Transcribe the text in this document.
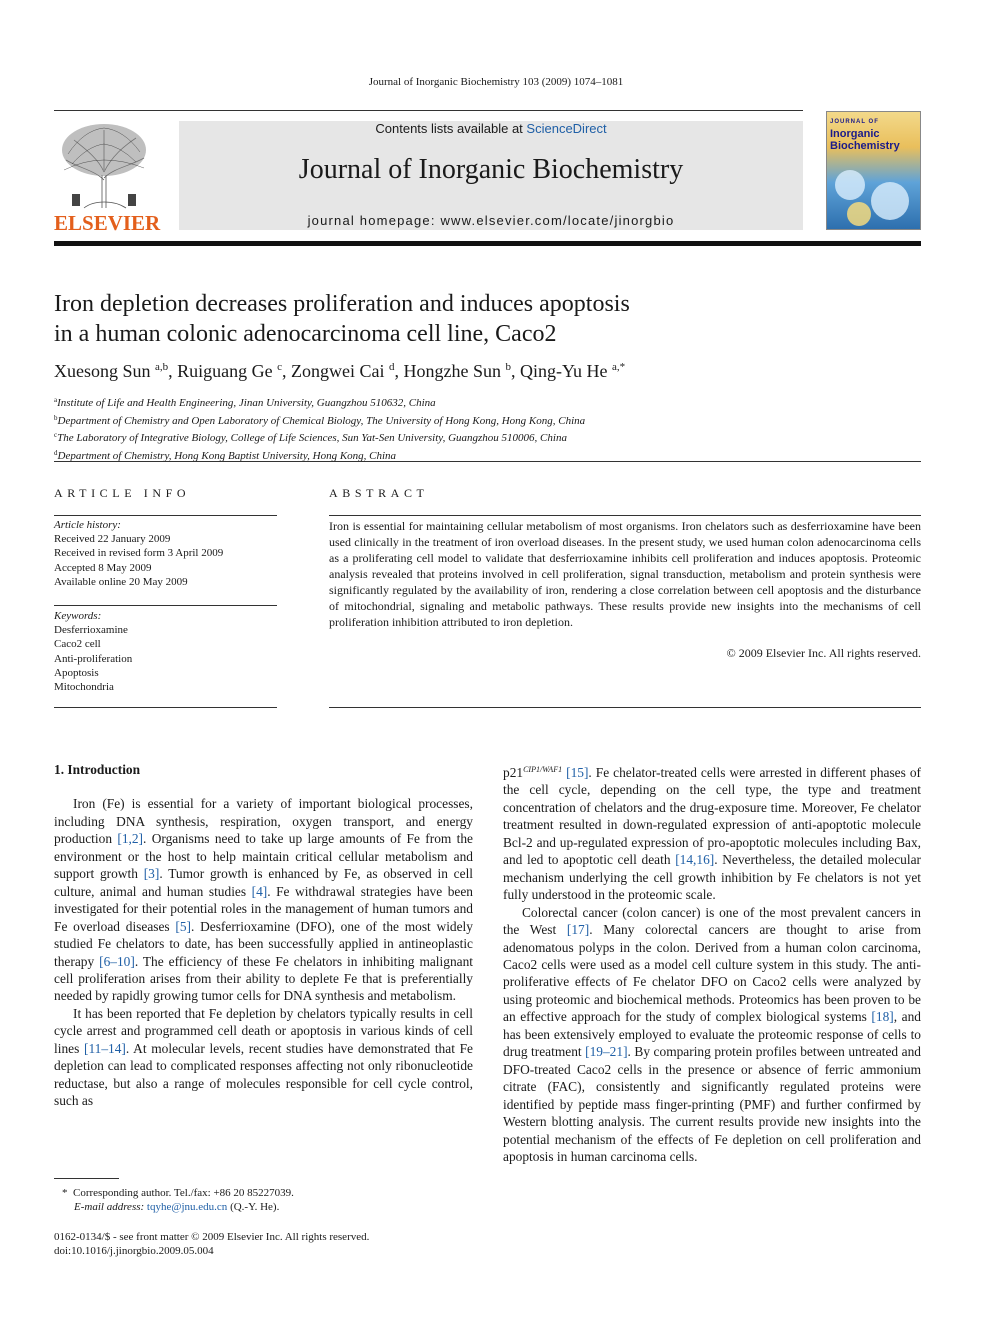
Journal of Inorganic Biochemistry 103 (2009) 1074–1081
ELSEVIER
Contents lists available at ScienceDirect
Journal of Inorganic Biochemistry
journal homepage: www.elsevier.com/locate/jinorgbio
JOURNAL OF
Inorganic
Biochemistry
Iron depletion decreases proliferation and induces apoptosis
in a human colonic adenocarcinoma cell line, Caco2
Xuesong Sun $^{a,b}$, Ruiguang Ge $^c$, Zongwei Cai $^d$, Hongzhe Sun $^b$, Qing-Yu He $^{a,*}$
$^a$Institute of Life and Health Engineering, Jinan University, Guangzhou 510632, China
$^b$Department of Chemistry and Open Laboratory of Chemical Biology, The University of Hong Kong, Hong Kong, China
$^c$The Laboratory of Integrative Biology, College of Life Sciences, Sun Yat-Sen University, Guangzhou 510006, China
$^d$Department of Chemistry, Hong Kong Baptist University, Hong Kong, China
ARTICLE INFO
Article history:
Received 22 January 2009
Received in revised form 3 April 2009
Accepted 8 May 2009
Available online 20 May 2009
Keywords:
Desferrioxamine
Caco2 cell
Anti-proliferation
Apoptosis
Mitochondria
ABSTRACT
Iron is essential for maintaining cellular metabolism of most organisms. Iron chelators such as desferrioxamine have been used clinically in the treatment of iron overload diseases. In the present study, we used human colon adenocarcinoma cells as a proliferating cell model to validate that desferrioxamine inhibits cell proliferation and induces apoptosis. Proteomic analysis revealed that proteins involved in cell proliferation, signal transduction, metabolism and protein synthesis were significantly regulated by the availability of iron, rendering a close correlation between cell apoptosis and the disturbance of mitochondrial, signaling and metabolic pathways. These results provide new insights into the mechanisms of cell proliferation inhibition attributed to iron depletion.
© 2009 Elsevier Inc. All rights reserved.
1. Introduction

Iron (Fe) is essential for a variety of important biological processes, including DNA synthesis, respiration, oxygen transport, and energy production [1,2]. Organisms need to take up large amounts of Fe from the environment or the host to help maintain critical cellular metabolism and support growth [3]. Tumor growth is enhanced by Fe, as observed in cell culture, animal and human studies [4]. Fe withdrawal strategies have been investigated for their potential roles in the management of human tumors and Fe overload diseases [5]. Desferrioxamine (DFO), one of the most widely studied Fe chelators to date, has been successfully applied in antineoplastic therapy [6–10]. The efficiency of these Fe chelators in inhibiting malignant cell proliferation arises from their ability to deplete Fe that is preferentially needed by rapidly growing tumor cells for DNA synthesis and metabolism.

It has been reported that Fe depletion by chelators typically results in cell cycle arrest and programmed cell death or apoptosis in various kinds of cell lines [11–14]. At molecular levels, recent studies have demonstrated that Fe depletion can lead to complicated responses affecting not only ribonucleotide reductase, but also a range of molecules responsible for cell cycle control, such as

$p21^{CIP1/WAF1}$ [15]. Fe chelator-treated cells were arrested in different phases of the cell cycle, depending on the cell type, the type and treatment concentration of chelators and the drug-exposure time. Moreover, Fe chelator treatment resulted in down-regulated expression of anti-apoptotic molecule Bcl-2 and up-regulated expression of pro-apoptotic molecules including Bax, and led to apoptotic cell death [14,16]. Nevertheless, the detailed molecular mechanism underlying the cell growth inhibition by Fe chelators is not yet fully understood in the proteomic scale.

Colorectal cancer (colon cancer) is one of the most prevalent cancers in the West [17]. Many colorectal cancers are thought to arise from adenomatous polyps in the colon. Derived from a human colon carcinoma, Caco2 cells were used as a model cell culture system in this study. The anti-proliferative effects of Fe chelator DFO on Caco2 cells were analyzed by using proteomic and biochemical methods. Proteomics has been proven to be an effective approach for the study of complex biological systems [18], and has been extensively employed to evaluate the proteomic response of cells to drug treatment [19–21]. By comparing protein profiles between untreated and DFO-treated Caco2 cells in the presence or absence of ferric ammonium citrate (FAC), consistently and significantly regulated proteins were identified by peptide mass finger-printing (PMF) and further confirmed by Western blotting analysis. The current results provide new insights into the potential mechanism of the effects of Fe depletion on cell proliferation and apoptosis in human carcinoma cells.

* Corresponding author. Tel./fax: +86 20 85227039.
E-mail address: tqyhe@jnu.edu.cn (Q.-Y. He).
0162-0134/$ - see front matter © 2009 Elsevier Inc. All rights reserved.
doi:10.1016/j.jinorgbio.2009.05.004
